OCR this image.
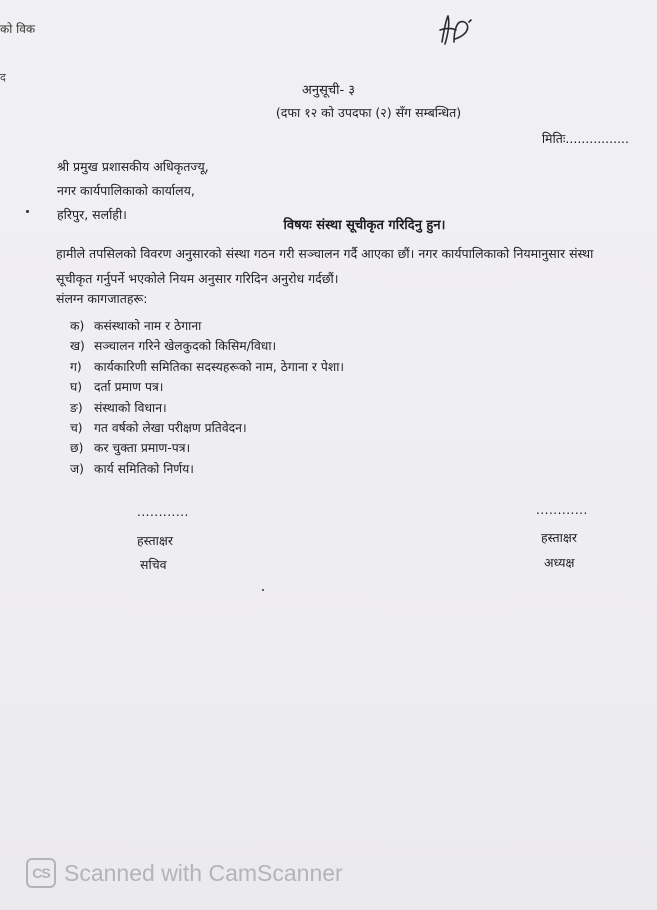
को विक
द
अनुसूची- ३
(दफा १२ को उपदफा (२) सँग सम्बन्धित)
मितिः................
श्री प्रमुख प्रशासकीय अधिकृतज्यू,
नगर कार्यपालिकाको कार्यालय,
हरिपुर, सर्लाही।
विषयः संस्था सूचीकृत गरिदिनु हुन।
हामीले तपसिलको विवरण अनुसारको संस्था गठन गरी सञ्चालन गर्दै आएका छौं। नगर कार्यपालिकाको नियमानुसार संस्था सूचीकृत गर्नुपर्ने भएकोले नियम अनुसार गरिदिन अनुरोध गर्दछौं।
संलग्न कागजातहरू:
क) कसंस्थाको नाम र ठेगाना
ख) सञ्चालन गरिने खेलकुदको किसिम/विधा।
ग) कार्यकारिणी समितिका सदस्यहरूको नाम, ठेगाना र पेशा।
घ) दर्ता प्रमाण पत्र।
ङ) संस्थाको विधान।
च) गत वर्षको लेखा परीक्षण प्रतिवेदन।
छ) कर चुक्ता प्रमाण-पत्र।
ज) कार्य समितिको निर्णय।
............	............
हस्ताक्षर	हस्ताक्षर
सचिव	अध्यक्ष
CS Scanned with CamScanner
